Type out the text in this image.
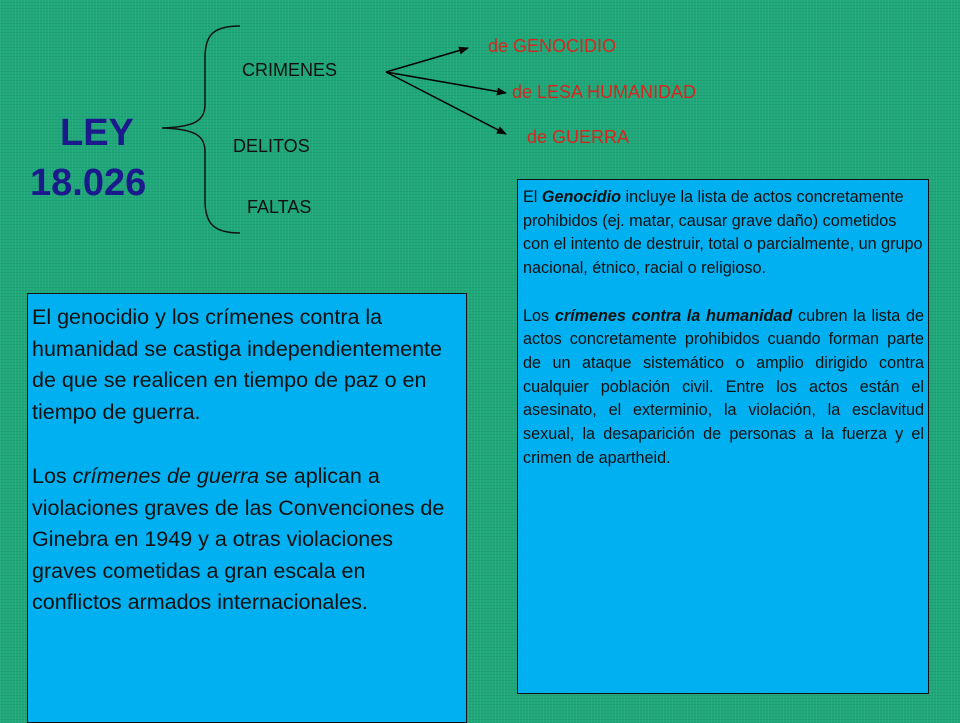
LEY
18.026
CRIMENES
DELITOS
FALTAS
de GENOCIDIO
de LESA HUMANIDAD
de GUERRA

El genocidio y los crímenes contra la humanidad se castiga independientemente de que se realicen en tiempo de paz o en tiempo de guerra.

Los crímenes de guerra se aplican a violaciones graves de las Convenciones de Ginebra en 1949 y a otras violaciones graves cometidas a gran escala en conflictos armados internacionales.

El Genocidio incluye la lista de actos concretamente prohibidos (ej. matar, causar grave daño) cometidos con el intento de destruir, total o parcialmente, un grupo nacional, étnico, racial o religioso.

Los crímenes contra la humanidad cubren la lista de actos concretamente prohibidos cuando forman parte de un ataque sistemático o amplio dirigido contra cualquier población civil. Entre los actos están el asesinato, el exterminio, la violación, la esclavitud sexual, la desaparición de personas a la fuerza y el crimen de apartheid.
